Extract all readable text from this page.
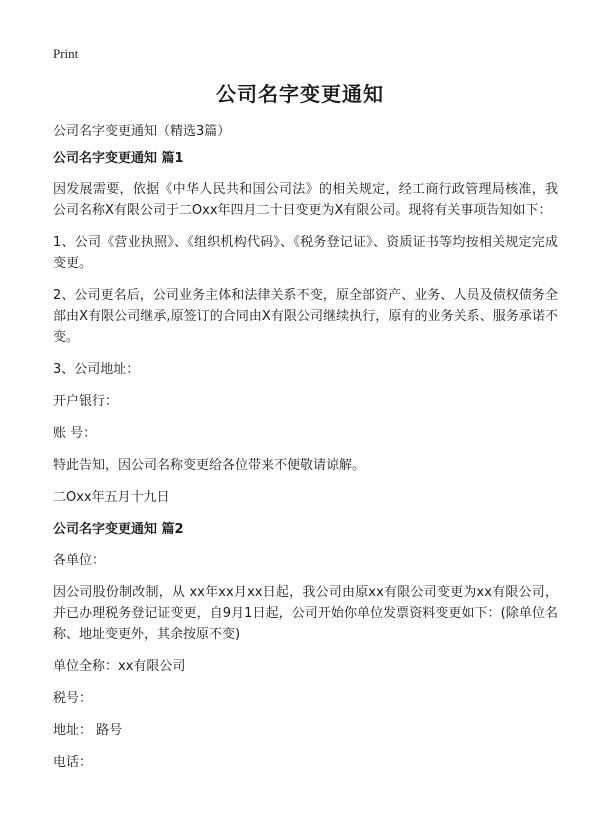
Print
公司名字变更通知
公司名字变更通知（精选3篇）
公司名字变更通知 篇1
因发展需要，依据《中华人民共和国公司法》的相关规定，经工商行政管理局核准，我公司名称X有限公司于二Oxx年四月二十日变更为X有限公司。现将有关事项告知如下：
1、公司《营业执照》、《组织机构代码》、《税务登记证》、资质证书等均按相关规定完成变更。
2、公司更名后，公司业务主体和法律关系不变，原全部资产、业务、人员及债权债务全部由X有限公司继承,原签订的合同由X有限公司继续执行，原有的业务关系、服务承诺不变。
3、公司地址：
开户银行：
账 号：
特此告知，因公司名称变更给各位带来不便敬请谅解。
二Oxx年五月十九日
公司名字变更通知 篇2
各单位：
因公司股份制改制，从 xx年xx月xx日起，我公司由原xx有限公司变更为xx有限公司，并已办理税务登记证变更，自9月1日起，公司开始你单位发票资料变更如下：(除单位名称、地址变更外，其余按原不变)
单位全称：xx有限公司
税号：
地址： 路号
电话：
